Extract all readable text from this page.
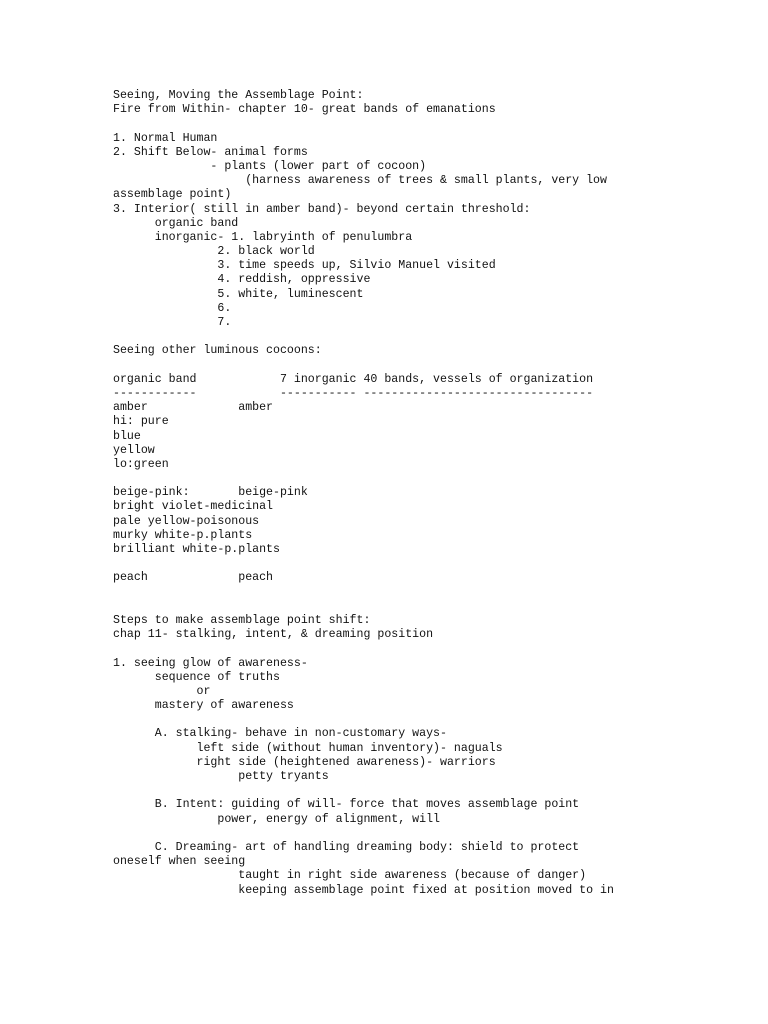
Seeing, Moving the Assemblage Point:
Fire from Within- chapter 10- great bands of emanations
1. Normal Human
2. Shift Below- animal forms
- plants (lower part of cocoon)
(harness awareness of trees & small plants, very low
assemblage point)
3. Interior( still in amber band)- beyond certain threshold:
organic band
inorganic- 1. labryinth of penulumbra
2. black world
3. time speeds up, Silvio Manuel visited
4. reddish, oppressive
5. white, luminescent
6.
7.
Seeing other luminous cocoons:
organic band            7 inorganic 40 bands, vessels of organization
------------            ----------- ---------------------------------
amber             amber
hi: pure
blue
yellow
lo:green
beige-pink:       beige-pink
bright violet-medicinal
pale yellow-poisonous
murky white-p.plants
brilliant white-p.plants
peach             peach
Steps to make assemblage point shift:
chap 11- stalking, intent, & dreaming position
1. seeing glow of awareness-
sequence of truths
or
mastery of awareness
A. stalking- behave in non-customary ways-
left side (without human inventory)- naguals
right side (heightened awareness)- warriors
petty tryants
B. Intent: guiding of will- force that moves assemblage point
power, energy of alignment, will
C. Dreaming- art of handling dreaming body: shield to protect
oneself when seeing
taught in right side awareness (because of danger)
keeping assemblage point fixed at position moved to in
